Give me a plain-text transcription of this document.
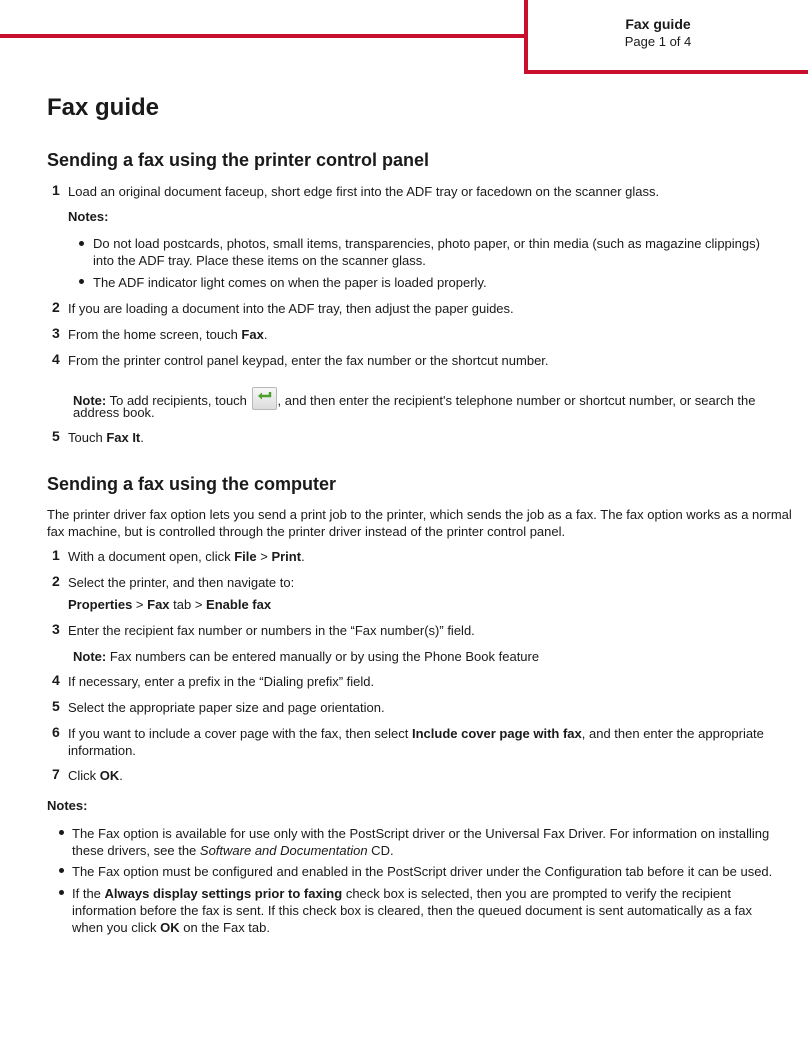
Fax guide
Page 1 of 4
Fax guide
Sending a fax using the printer control panel
1 Load an original document faceup, short edge first into the ADF tray or facedown on the scanner glass.
Notes:
Do not load postcards, photos, small items, transparencies, photo paper, or thin media (such as magazine clippings)
into the ADF tray. Place these items on the scanner glass.
The ADF indicator light comes on when the paper is loaded properly.
2 If you are loading a document into the ADF tray, then adjust the paper guides.
3 From the home screen, touch Fax.
4 From the printer control panel keypad, enter the fax number or the shortcut number.
Note: To add recipients, touch
, and then enter the recipient's telephone number or shortcut number, or search the
address book.
5 Touch Fax It.
Sending a fax using the computer
The printer driver fax option lets you send a print job to the printer, which sends the job as a fax. The fax option works as a normal
fax machine, but is controlled through the printer driver instead of the printer control panel.
1 With a document open, click File > Print.
2 Select the printer, and then navigate to:
Properties > Fax tab > Enable fax
3 Enter the recipient fax number or numbers in the “Fax number(s)” field.
Note: Fax numbers can be entered manually or by using the Phone Book feature
4 If necessary, enter a prefix in the “Dialing prefix” field.
5 Select the appropriate paper size and page orientation.
6 If you want to include a cover page with the fax, then select Include cover page with fax, and then enter the appropriate
information.
7 Click OK.
Notes:
The Fax option is available for use only with the PostScript driver or the Universal Fax Driver. For information on installing
these drivers, see the Software and Documentation CD.
The Fax option must be configured and enabled in the PostScript driver under the Configuration tab before it can be used.
If the Always display settings prior to faxing check box is selected, then you are prompted to verify the recipient
information before the fax is sent. If this check box is cleared, then the queued document is sent automatically as a fax
when you click OK on the Fax tab.
